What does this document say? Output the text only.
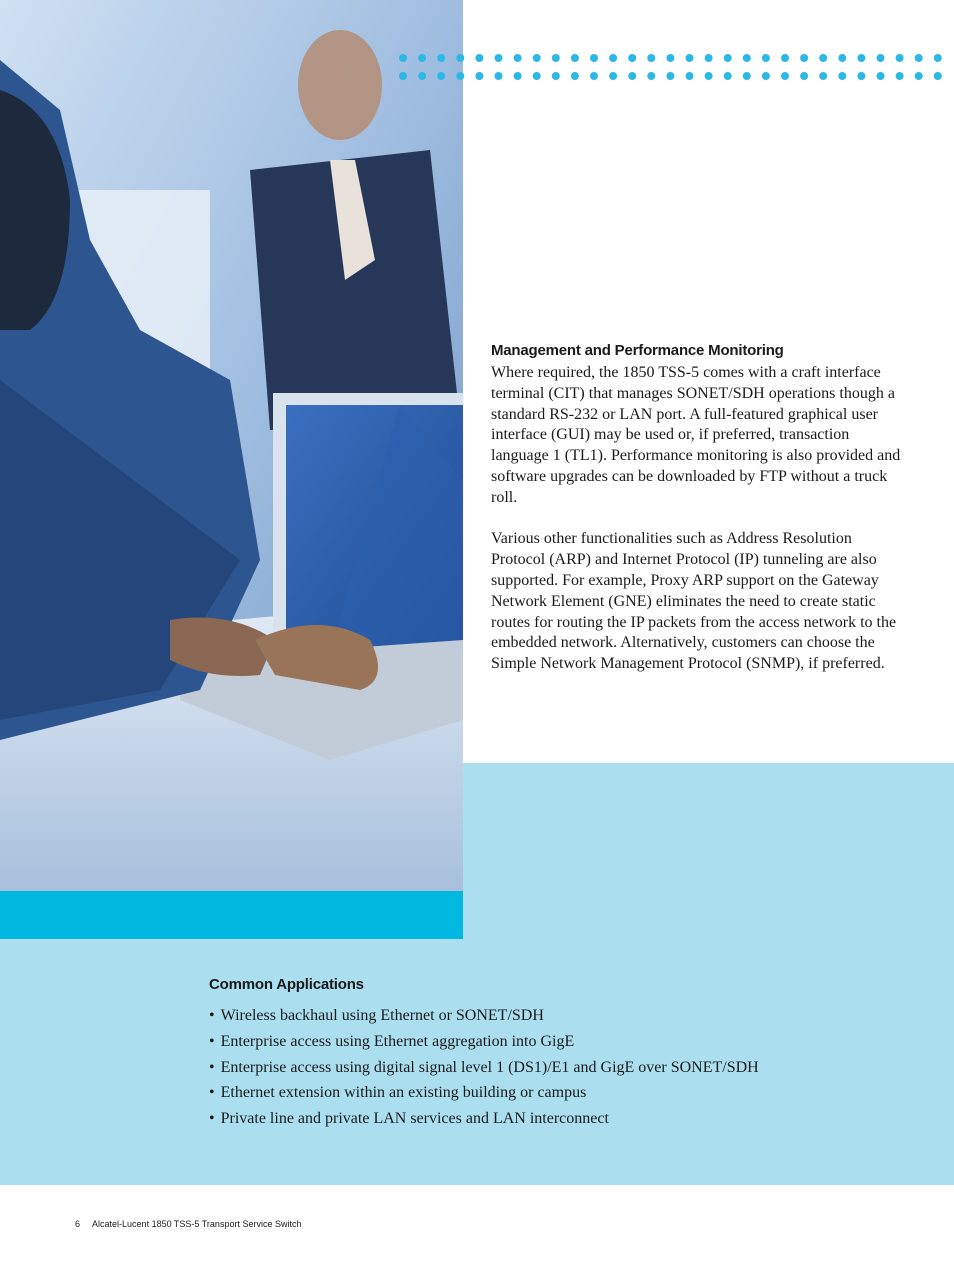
Management and Performance Monitoring

Where required, the 1850 TSS-5 comes with a craft interface terminal (CIT) that manages SONET/SDH operations though a standard RS-232 or LAN port. A full-featured graphical user interface (GUI) may be used or, if preferred, transaction language 1 (TL1). Performance monitoring is also provided and software upgrades can be downloaded by FTP without a truck roll.

Various other functionalities such as Address Resolution Protocol (ARP) and Internet Protocol (IP) tunneling are also supported. For example, Proxy ARP support on the Gateway Network Element (GNE) eliminates the need to create static routes for routing the IP packets from the access network to the embedded network. Alternatively, customers can choose the Simple Network Management Protocol (SNMP), if preferred.

Common Applications
• Wireless backhaul using Ethernet or SONET/SDH
• Enterprise access using Ethernet aggregation into GigE
• Enterprise access using digital signal level 1 (DS1)/E1 and GigE over SONET/SDH
• Ethernet extension within an existing building or campus
• Private line and private LAN services and LAN interconnect
6 Alcatel-Lucent 1850 TSS-5 Transport Service Switch
